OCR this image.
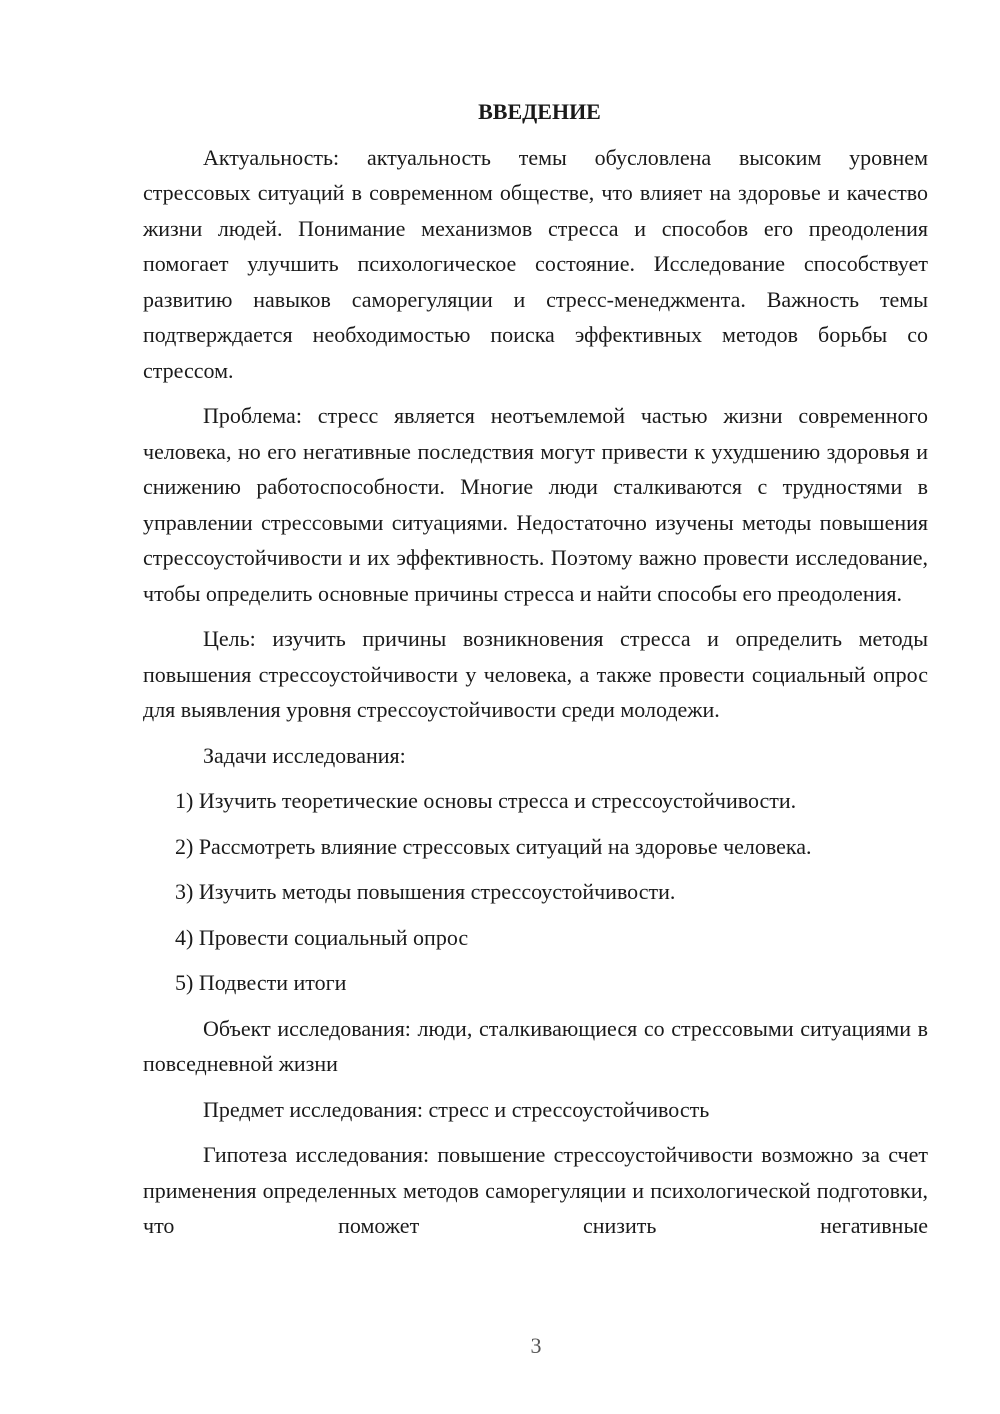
ВВЕДЕНИЕ

Актуальность: актуальность темы обусловлена высоким уровнем стрессовых ситуаций в современном обществе, что влияет на здоровье и качество жизни людей. Понимание механизмов стресса и способов его преодоления помогает улучшить психологическое состояние. Исследование способствует развитию навыков саморегуляции и стресс-менеджмента. Важность темы подтверждается необходимостью поиска эффективных методов борьбы со стрессом.

Проблема: стресс является неотъемлемой частью жизни современного человека, но его негативные последствия могут привести к ухудшению здоровья и снижению работоспособности. Многие люди сталкиваются с трудностями в управлении стрессовыми ситуациями. Недостаточно изучены методы повышения стрессоустойчивости и их эффективность. Поэтому важно провести исследование, чтобы определить основные причины стресса и найти способы его преодоления.

Цель: изучить причины возникновения стресса и определить методы повышения стрессоустойчивости у человека, а также провести социальный опрос для выявления уровня стрессоустойчивости среди молодежи.

Задачи исследования:

1) Изучить теоретические основы стресса и стрессоустойчивости.

2) Рассмотреть влияние стрессовых ситуаций на здоровье человека.

3) Изучить методы повышения стрессоустойчивости.

4) Провести социальный опрос

5) Подвести итоги

Объект исследования: люди, сталкивающиеся со стрессовыми ситуациями в повседневной жизни

Предмет исследования: стресс и стрессоустойчивость

Гипотеза исследования: повышение стрессоустойчивости возможно за счет применения определенных методов саморегуляции и психологической подготовки, что поможет снизить негативные

3
